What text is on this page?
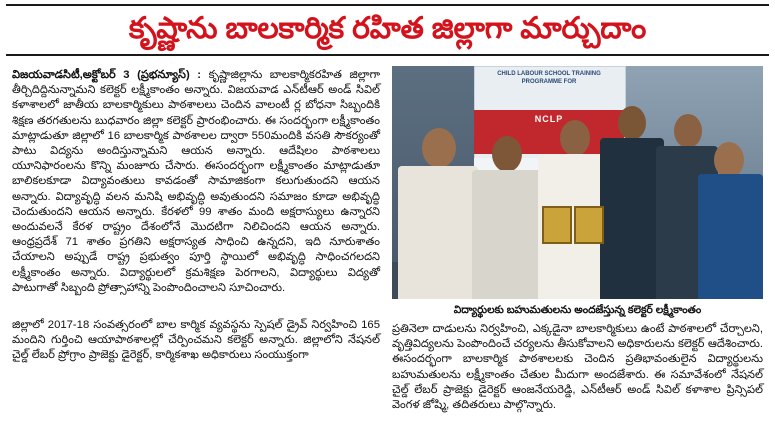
కృష్ణాను బాలకార్మిక రహిత జిల్లాగా మార్చుదాం
విజయవాడసిటీ,అక్టోబర్ 3 (ప్రభన్యూస్) : కృష్ణాజిల్లాను బాలకార్మికరహిత జిల్లాగా తీర్చిదిద్దినున్నామని కలెక్టర్ లక్ష్మీకాంతం అన్నారు. విజయవాడ ఎన్‌టీఆర్ అండ్ సివిల్ కళాశాలలో జాతీయ బాలకార్మికులు పాఠశాలలు చెందిన వాలంటీ ర్ల బోధనా సిబ్బందికి శిక్షణ తరగతులను బుధవారం జిల్లా కలెక్టర్ ప్రారంభించారు. ఈ సందర్భంగా లక్ష్మీకాంతం మాట్లాడుతూ జిల్లాలో 16 బాలకార్మిక పాఠశాలల ద్వారా 550మందికి వసతి సౌకర్యంతో పాటు విద్యను అందిస్తున్నామని ఆయన అన్నారు. ఆదేషిలం పాఠశాలలు యూనిఫారంలను కొన్ని మంజూరు చేసారు. ఈసందర్భంగా లక్ష్మీకాంతం మాట్లాడుతూ బాలికలకూడా విద్యావంతులు కావడంతో సామాజికంగా కలుగుతుందని ఆయన అన్నారు. విద్యావృద్ధి వలన మనిషి అభివృద్ధి అవుతుందని సమాజం కూడా అభివృద్ధి చెందుతుందని ఆయన అన్నారు. కేరళలో 99 శాతం మంది అక్షరాస్యులు ఉన్నారని అందువలనే కేరళ రాష్ట్రం దేశంలోనే మొదటిగా నిలిచిందని ఆయన అన్నారు. ఆంధ్రప్రదేశ్ 71 శాతం ప్రగతిని అక్షరాస్యత సాధించి ఉన్నదని, ఇది నూరుశాతం చేయాలని అప్పుడే రాష్ట్ర ప్రభుత్వం పూర్తి స్థాయిలో అభివృద్ధి సాధించగలదని లక్ష్మీకాంతం అన్నారు. విద్యార్థులలో క్రమశిక్షణ పెరగాలని, విద్యార్థులు విద్యతో పాటుగాతో సిబ్బంది ప్రోత్సాహాన్ని పెంపొందించాలని సూచించారు.
CHILD LABOUR SCHOOL TRAINING PROGRAMME FOR
NCLP
విద్యార్థులకు బహుమతులను అందజేస్తున్న కలెక్టర్ లక్ష్మీకాంతం
జిల్లాలో 2017-18 సంవత్సరంలో బాల కార్మిక వ్యవస్థను స్పెషల్ డ్రైవ్ నిర్వహించి 165 మందిని గుర్తించి ఆయాపాఠశాలల్లో చేర్పించమని కలెక్టర్ అన్నారు. జిల్లాలోని నేషనల్ చైల్డ్ లేబర్ ప్రోగ్రాం ప్రాజెక్టు డైరెక్టర్, కార్మికశాఖ అధికారులు సంయుక్తంగా
ప్రతినెలా దాడులను నిర్వహించి, ఎక్కడైనా బాలకార్మికులు ఉంటే పాఠశాలలో చేర్చాలని, వృత్తివిద్యలను పెంపొందించే చర్యలను తీసుకోవాలని అధికారులను కలెక్టర్ ఆదేశించారు. ఈసందర్భంగా బాలకార్మిక పాఠశాలలకు చెందిన ప్రతిభావంతులైన విద్యార్థులను బహుమతులను లక్ష్మీకాంతం చేతుల మీదుగా అందజేశారు. ఈ సమావేశంలో నేషనల్ చైల్డ్ లేబర్ ప్రాజెక్టు డైరెక్టర్ ఆంజనేయరెడ్డి, ఎన్‌టీఆర్ అండ్ సివిల్ కళాశాల ప్రిన్సిపల్ వెంగళ జోష్మి, తదితరులు పాల్గొన్నారు.
